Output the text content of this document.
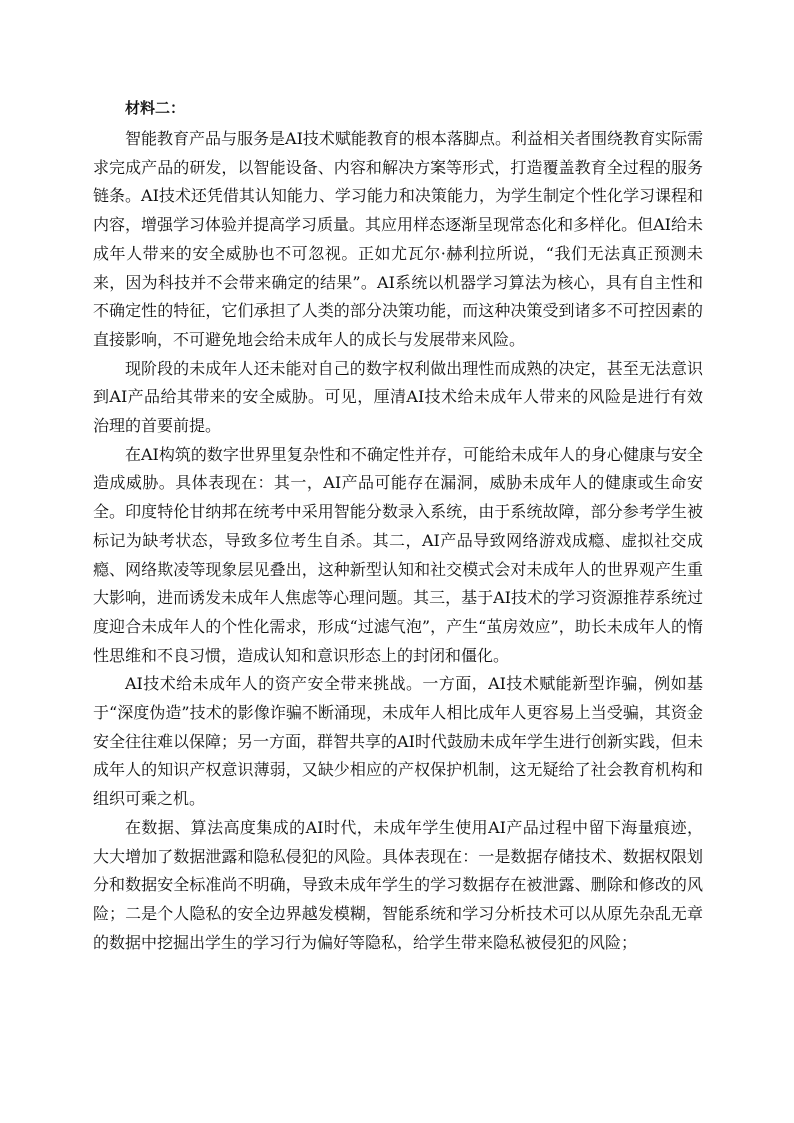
材料二：

智能教育产品与服务是AI技术赋能教育的根本落脚点。利益相关者围绕教育实际需求完成产品的研发，以智能设备、内容和解决方案等形式，打造覆盖教育全过程的服务链条。AI技术还凭借其认知能力、学习能力和决策能力，为学生制定个性化学习课程和内容，增强学习体验并提高学习质量。其应用样态逐渐呈现常态化和多样化。但AI给未成年人带来的安全威胁也不可忽视。正如尤瓦尔·赫利拉所说，“我们无法真正预测未来，因为科技并不会带来确定的结果”。AI系统以机器学习算法为核心，具有自主性和不确定性的特征，它们承担了人类的部分决策功能，而这种决策受到诸多不可控因素的直接影响，不可避免地会给未成年人的成长与发展带来风险。

现阶段的未成年人还未能对自己的数字权利做出理性而成熟的决定，甚至无法意识到AI产品给其带来的安全威胁。可见，厘清AI技术给未成年人带来的风险是进行有效治理的首要前提。

在AI构筑的数字世界里复杂性和不确定性并存，可能给未成年人的身心健康与安全造成威胁。具体表现在：其一，AI产品可能存在漏洞，威胁未成年人的健康或生命安全。印度特伦甘纳邦在统考中采用智能分数录入系统，由于系统故障，部分参考学生被标记为缺考状态，导致多位考生自杀。其二，AI产品导致网络游戏成瘾、虚拟社交成瘾、网络欺凌等现象层见叠出，这种新型认知和社交模式会对未成年人的世界观产生重大影响，进而诱发未成年人焦虑等心理问题。其三，基于AI技术的学习资源推荐系统过度迎合未成年人的个性化需求，形成“过滤气泡”，产生“茧房效应”，助长未成年人的惰性思维和不良习惯，造成认知和意识形态上的封闭和僵化。

AI技术给未成年人的资产安全带来挑战。一方面，AI技术赋能新型诈骗，例如基于“深度伪造”技术的影像诈骗不断涌现，未成年人相比成年人更容易上当受骗，其资金安全往往难以保障；另一方面，群智共享的AI时代鼓励未成年学生进行创新实践，但未成年人的知识产权意识薄弱，又缺少相应的产权保护机制，这无疑给了社会教育机构和组织可乘之机。

在数据、算法高度集成的AI时代，未成年学生使用AI产品过程中留下海量痕迹，大大增加了数据泄露和隐私侵犯的风险。具体表现在：一是数据存储技术、数据权限划分和数据安全标准尚不明确，导致未成年学生的学习数据存在被泄露、删除和修改的风险；二是个人隐私的安全边界越发模糊，智能系统和学习分析技术可以从原先杂乱无章的数据中挖掘出学生的学习行为偏好等隐私，给学生带来隐私被侵犯的风险；
